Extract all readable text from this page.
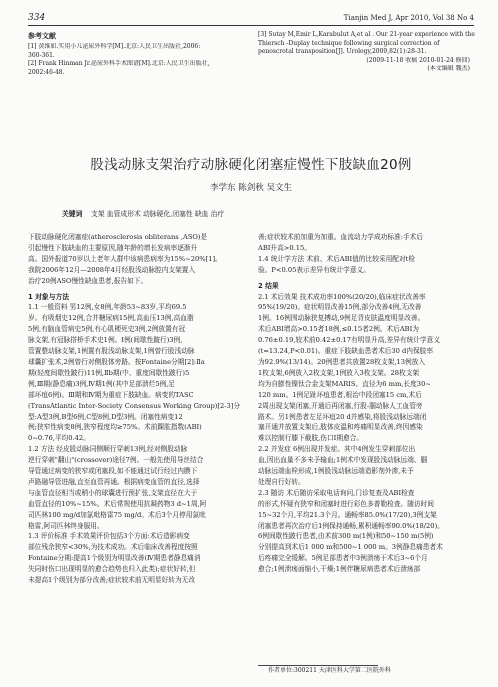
334	Tianjin Med J, Apr 2010, Vol 38 No 4
参考文献
[1] 黄维如.实用小儿泌尿外科学[M].北京:人民卫生出版社,2006:
360-361.
[2] Frank Hinman Jr.泌尿外科手术图谱[M].北京:人民卫生出版社,
2002:46-48.
[3] Sutay M,Emir L,Karabulut A,et al . Our 21-year experience with the
Thiersch -Duplay technique following surgical correction of
penoscrotal transposition[J]. Urology,2009,82(1):28-31.
(2009-11-18 收稿 2010-01-24 修回)
(本文编辑 魏杰)
股浅动脉支架治疗动脉硬化闭塞症慢性下肢缺血20例
李学东 陈剑秋 吴文生
关键词 支架 血管成形术 动脉硬化,闭塞性 缺血 治疗
下肢动脉硬化闭塞症(atherosclerosis obliterans ,ASO)是
引起慢性下肢缺血的主要原因,随年龄的增长发病率逐渐升
高。国外报道70岁以上老年人群中该病患病率为15%~20%[1]。
我院2006年12月—2008年4月经股浅动脉腔内支架置入
治疗20例ASO慢性缺血患者,报告如下。
1 对象与方法
1.1 一般资料 男12例,女8例,年龄53~83岁,平均69.5
岁。有吸烟史12例,合并糖尿病15例,高血压13例,高血脂
5例,有脑血管病史5例,有心肌梗死史3例,2例放置有冠
脉支架,有冠脉搭桥手术史1例。Ⅰ例(间歇性跛行)3例,
管置整动脉支架,1例置有股浅动脉支架,1例曾行股浅动脉
球囊扩张术,2例曾行对侧股体旁路。按Fontaine分期[2]:Ⅱa
期(轻度间歇性跛行)11例,Ⅱb期(中、重度间歇性跛行)5
例,Ⅲ期(静息痛)3例,Ⅳ期1例(其中足部溃烂5例,足
部坏疽6例)。Ⅲ期和Ⅳ期为重症下肢缺血。病变的TASC
(TransAtlantic Inter-Society Consensus Working Group)[2-3]分
型:A型3例,B型6例,C型8例,D型3例。闭塞性病变12
例;狭窄性病变8例,狭窄程度均≥75%。术前踝肱指数(ABI)
0~0.76,平均0.42。
1.2 方法 经皮股动脉同侧顺行穿刺13例,经对侧股动脉
逆行穿刺"翻山"(crossover)途径7例。一般先使用导丝结合
导管通过病变的狭窄或闭塞段,如不能通过试行经过内膜下
声路融导管进融,直至血管再通。根据病变血管的直径,选择
与血管直径相当或稍小的球囊进行预扩张,支架直径在大于
血管直径的10%~15%。术后常规使用抗凝药物3 d~1周,阿
司匹林100 mg/d加氯吡格雷75 mg/d。术后3个月停用氯吡
格雷,阿司匹林终身服用。
1.3 评价标准 手术效果评价包括3个方面:术后造影病变
部位残余狭窄<30%,为技术成功。术后临床改善程度按照
Fontaine分期:提高1个级别为明显改善(Ⅳ期患者静息痛消
失同时伤口出现明显的愈合趋势也归入此类);症状好转,但
未提高1个级别为部分改善;症状较术前无明显好转为无改
善;症状较术前加重为加重。血流动力学成功标准:手术后
ABI升高>0.15。
1.4 统计学方法 术前、术后ABI值的比较采用配对t检
验。P<0.05表示差异有统计学意义。
2 结果
2.1 术后效果 技术成功率100%(20/20),临床症状改善率
95%(19/20)。症状明显改善15例,部分改善4例,无改善
1例。16例围动脉狭复搏动,9例足背皮肤温度明显改善。
术后ABI增高>0.15者18例,≤0.15者2例。术后ABI为
0.76±0.19,较术前0.42±0.17有明显升高,差异有统计学意义
(t=13.24,P<0.01)。重症下肢缺血患者术后30 d内保肢率
为92.9%(13/14)。20例患者共放置28枚支架,13例放入
1枚支架,6例放入2枚支架,1例放入3枚支架。28枚支架
均为自膨性镍钛合金支架MARIS。直径为6 mm,长度30~
120 mm。1例足趾坏疽患者,根治中段闭塞15 cm,术后
2周出现支架闭塞,开通后再闭塞,行股-腘动脉人工血管旁
路术。另1例患者左足坏疽20 d并感染,将股浅动脉远端闭
塞开通并放置支架后,肢体皮温和疼痛明显改善,终因感染
难以控制行膝下截肢,伤口Ⅰ期愈合。
2.2 并发症 6例出现并发症。其中4例发生穿刺部位出
血,因出血量不多未予输血;1例术中发现股浅动脉远端、腘
动脉远端血栓形成,1例股浅动脉远端造影剂外渗,未予
处理自行好转。
2.3 随访 术后随访采取电话询问,门诊复查及ABI检查
的形式,怀疑有狭窄和闭塞时进行彩色多普勒检查。随访时间
15~32个月,平均21.3个月。通畅率85.0%(17/20),3例支架
闭塞患者再次治疗后1例保持通畅,累积通畅率90.0%(18/20)。
6例间歇性跛行患者,由术前300 m(1例)和50~150 m(5例)
分别提高到术后1 000 m和500~1 000 m。3例静息痛患者术
后疼痛完全缓解。5例足部患者中3例溃疡于术后3~6个月
愈合;1例溃疡面缩小,干燥;1例伴糖尿病患者术后溃疡部
作者单位:300211 天津医科大学第二医院外科
